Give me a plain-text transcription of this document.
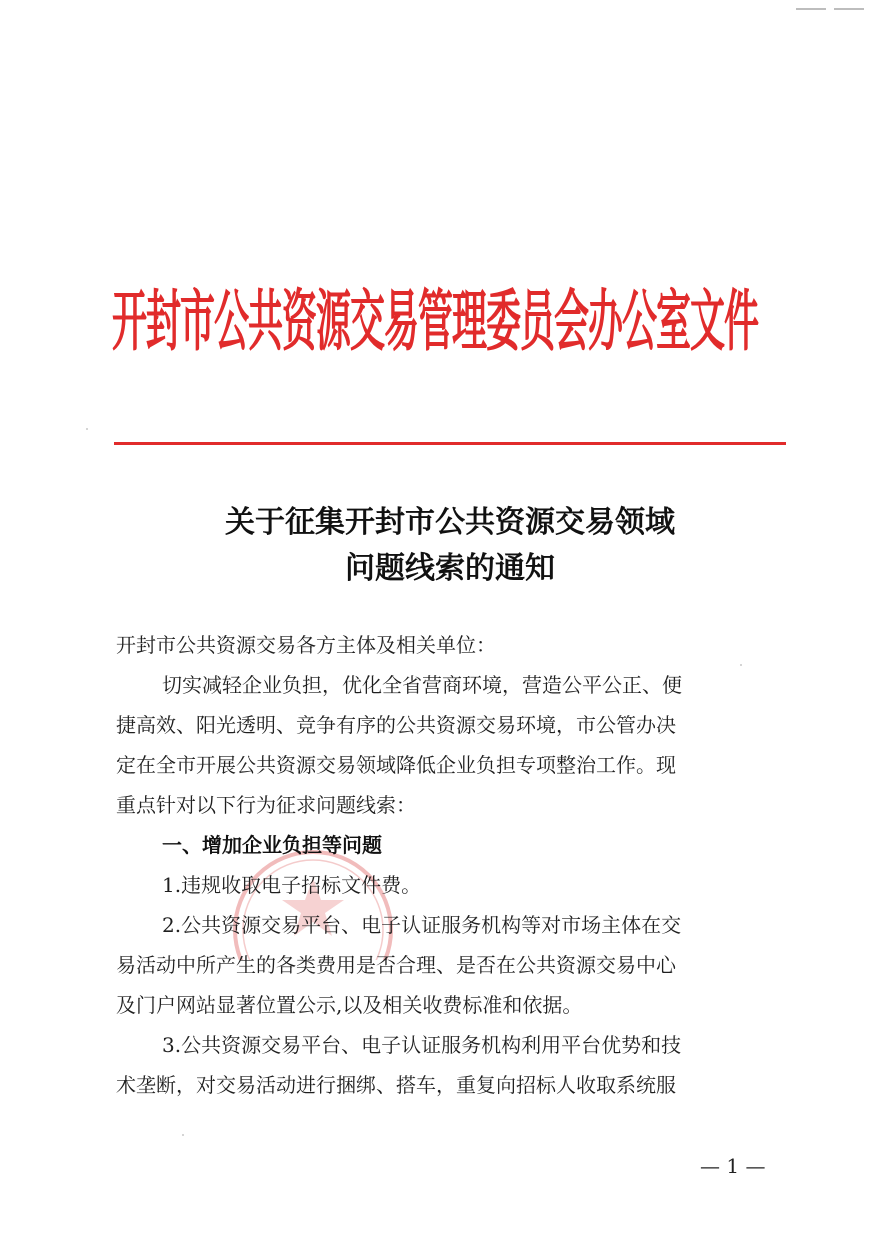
开封市公共资源交易管理委员会办公室文件
关于征集开封市公共资源交易领域
问题线索的通知
开封市公共资源交易各方主体及相关单位：
切实减轻企业负担，优化全省营商环境，营造公平公正、便
捷高效、阳光透明、竞争有序的公共资源交易环境，市公管办决
定在全市开展公共资源交易领域降低企业负担专项整治工作。现
重点针对以下行为征求问题线索：
一、增加企业负担等问题
1.违规收取电子招标文件费。
2.公共资源交易平台、电子认证服务机构等对市场主体在交
易活动中所产生的各类费用是否合理、是否在公共资源交易中心
及门户网站显著位置公示,以及相关收费标准和依据。
3.公共资源交易平台、电子认证服务机构利用平台优势和技
术垄断，对交易活动进行捆绑、搭车，重复向招标人收取系统服
— 1 —
